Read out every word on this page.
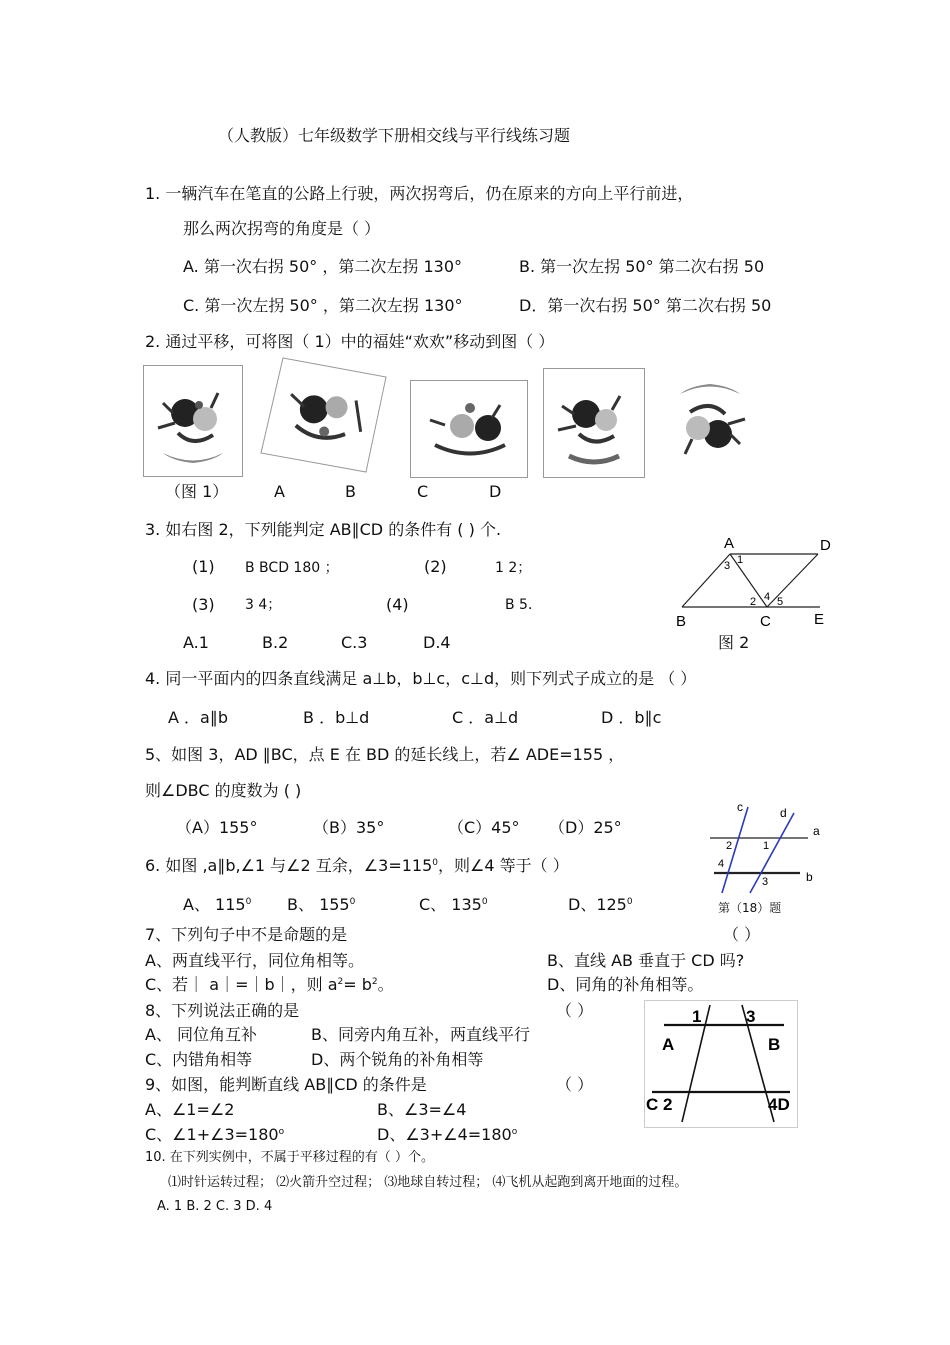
（人教版）七年级数学下册相交线与平行线练习题
1. 一辆汽车在笔直的公路上行驶，两次拐弯后，仍在原来的方向上平行前进，
那么两次拐弯的角度是（ ）
A. 第一次右拐 50° ，第二次左拐 130°	B. 第一次左拐 50° 第二次右拐 50
C. 第一次左拐 50° ，第二次左拐 130°	D．第一次右拐 50° 第二次右拐 50
2. 通过平移，可将图（ 1）中的福娃“欢欢”移动到图（ ）
（图 1）	A	B	C	D
3. 如右图 2，下列能判定 AB∥CD 的条件有 ( ) 个.
(1) B BCD 180 ；	(2)	1 2；
(3) 3 4；	(4)	B 5．
A.1	B.2	C.3	D.4
A	D
B	C	E
1
3
2 4 5
图 2
4. 同一平面内的四条直线满足 a⊥b，b⊥c，c⊥d，则下列式子成立的是 （ ）
A ．a∥b	B ．b⊥d	C ．a⊥d	D ．b∥c
5、如图 3，AD ∥BC，点 E 在 BD 的延长线上，若∠ ADE=155 ，
则∠DBC 的度数为 ( )
（A）155°	（B）35°	（C）45° （D）25°
c	d
a
b
1
2
3
4
第（18）题
6. 如图 ,a∥b,∠1 与∠2 互余，$\angle 3=115^0$，则∠4 等于（ ）
A、 $115^0$ B、 $155^0$	C、 $135^0$	D、$125^0$
7、下列句子中不是命题的是	（ ）
A、两直线平行，同位角相等。	B、直线 AB 垂直于 CD 吗?
C、若｜ a｜=｜b｜，则 $a^2= b^2$。	D、同角的补角相等。
8、下列说法正确的是	（ ）
A、 同位角互补	B、同旁内角互补，两直线平行
C、内错角相等	D、两个锐角的补角相等
9、如图，能判断直线 AB∥CD 的条件是	（ ）
A、∠1=∠2	B、∠3=∠4
C、$\angle 1+\angle 3=180^o$	D、$\angle 3+\angle 4=180^o$
1	3
A	B
C 2	4D
10. 在下列实例中，不属于平移过程的有（ ）个。
⑴时针运转过程； ⑵火箭升空过程； ⑶地球自转过程； ⑷飞机从起跑到离开地面的过程。
A. 1 B. 2 C. 3 D. 4
